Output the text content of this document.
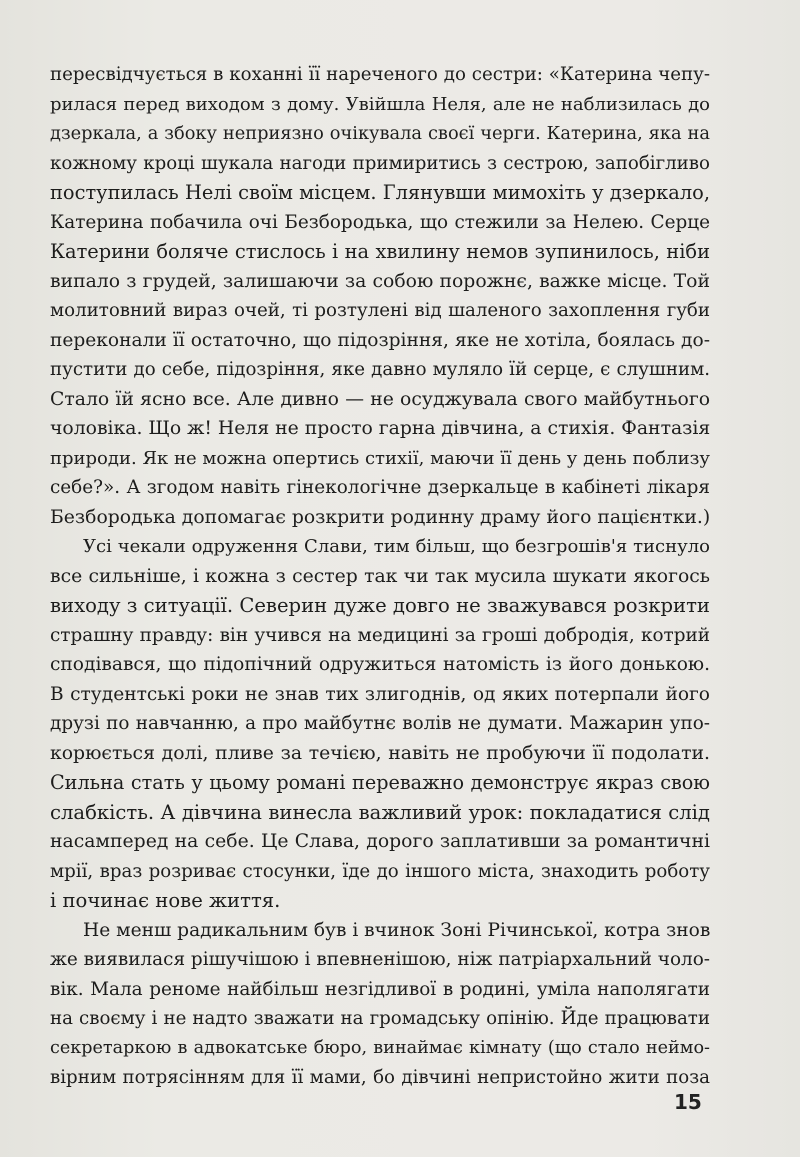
пересвідчується в коханні її нареченого до сестри: «Катерина чепу-
рилася перед виходом з дому. Увійшла Неля, але не наблизилась до
дзеркала, а збоку неприязно очікувала своєї черги. Катерина, яка на
кожному кроці шукала нагоди примиритись з сестрою, запобігливо
поступилась Нелі своїм місцем. Глянувши мимохіть у дзеркало,
Катерина побачила очі Безбородька, що стежили за Нелею. Серце
Катерини боляче стислось і на хвилину немов зупинилось, ніби
випало з грудей, залишаючи за собою порожнє, важке місце. Той
молитовний вираз очей, ті розтулені від шаленого захоплення губи
переконали її остаточно, що підозріння, яке не хотіла, боялась до-
пустити до себе, підозріння, яке давно муляло їй серце, є слушним.
Стало їй ясно все. Але дивно — не осуджувала свого майбутнього
чоловіка. Що ж! Неля не просто гарна дівчина, а стихія. Фантазія
природи. Як не можна опертись стихії, маючи її день у день поблизу
себе?». А згодом навіть гінекологічне дзеркальце в кабінеті лікаря
Безбородька допомагає розкрити родинну драму його пацієнтки.)
Усі чекали одруження Слави, тим більш, що безгрошів'я тиснуло
все сильніше, і кожна з сестер так чи так мусила шукати якогось
виходу з ситуації. Северин дуже довго не зважувався розкрити
страшну правду: він учився на медицині за гроші добродія, котрий
сподівався, що підопічний одружиться натомість із його донькою.
В студентські роки не знав тих злигоднів, од яких потерпали його
друзі по навчанню, а про майбутнє волів не думати. Мажарин упо-
корюється долі, пливе за течією, навіть не пробуючи її подолати.
Сильна стать у цьому романі переважно демонструє якраз свою
слабкість. А дівчина винесла важливий урок: покладатися слід
насамперед на себе. Це Слава, дорого заплативши за романтичні
мрії, враз розриває стосунки, їде до іншого міста, знаходить роботу
і починає нове життя.
Не менш радикальним був і вчинок Зоні Річинської, котра знов
же виявилася рішучішою і впевненішою, ніж патріархальний чоло-
вік. Мала реноме найбільш незгідливої в родині, уміла наполягати
на своєму і не надто зважати на громадську опінію. Йде працювати
секретаркою в адвокатське бюро, винаймає кімнату (що стало неймо-
вірним потрясінням для її мами, бо дівчині непристойно жити поза
15
